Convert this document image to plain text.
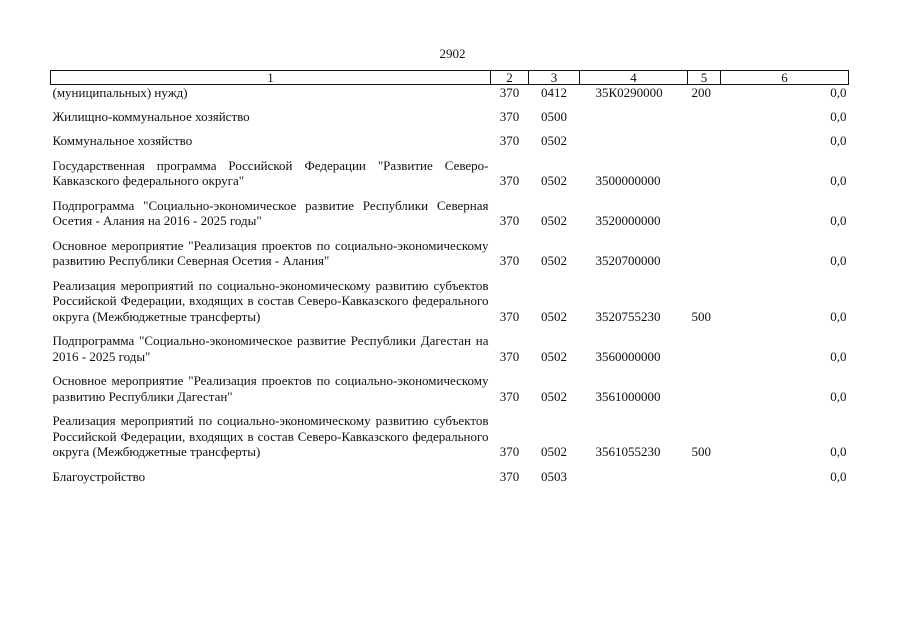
2902
1	2	3	4	5	6
(муниципальных) нужд)	370	0412	35К0290000	200	0,0
Жилищно-коммунальное хозяйство	370	0500			0,0
Коммунальное хозяйство	370	0502			0,0
Государственная программа Российской Федерации "Развитие Северо-Кавказского федерального округа"	370	0502	3500000000		0,0
Подпрограмма "Социально-экономическое развитие Республики Северная Осетия - Алания на 2016 - 2025 годы"	370	0502	3520000000		0,0
Основное мероприятие "Реализация проектов по социально-экономическому развитию Республики Северная Осетия - Алания"	370	0502	3520700000		0,0
Реализация мероприятий по социально-экономическому развитию субъектов Российской Федерации, входящих в состав Северо-Кавказского федерального округа (Межбюджетные трансферты)	370	0502	3520755230	500	0,0
Подпрограмма "Социально-экономическое развитие Республики Дагестан на 2016 - 2025 годы"	370	0502	3560000000		0,0
Основное мероприятие "Реализация проектов по социально-экономическому развитию Республики Дагестан"	370	0502	3561000000		0,0
Реализация мероприятий по социально-экономическому развитию субъектов Российской Федерации, входящих в состав Северо-Кавказского федерального округа (Межбюджетные трансферты)	370	0502	3561055230	500	0,0
Благоустройство	370	0503			0,0
